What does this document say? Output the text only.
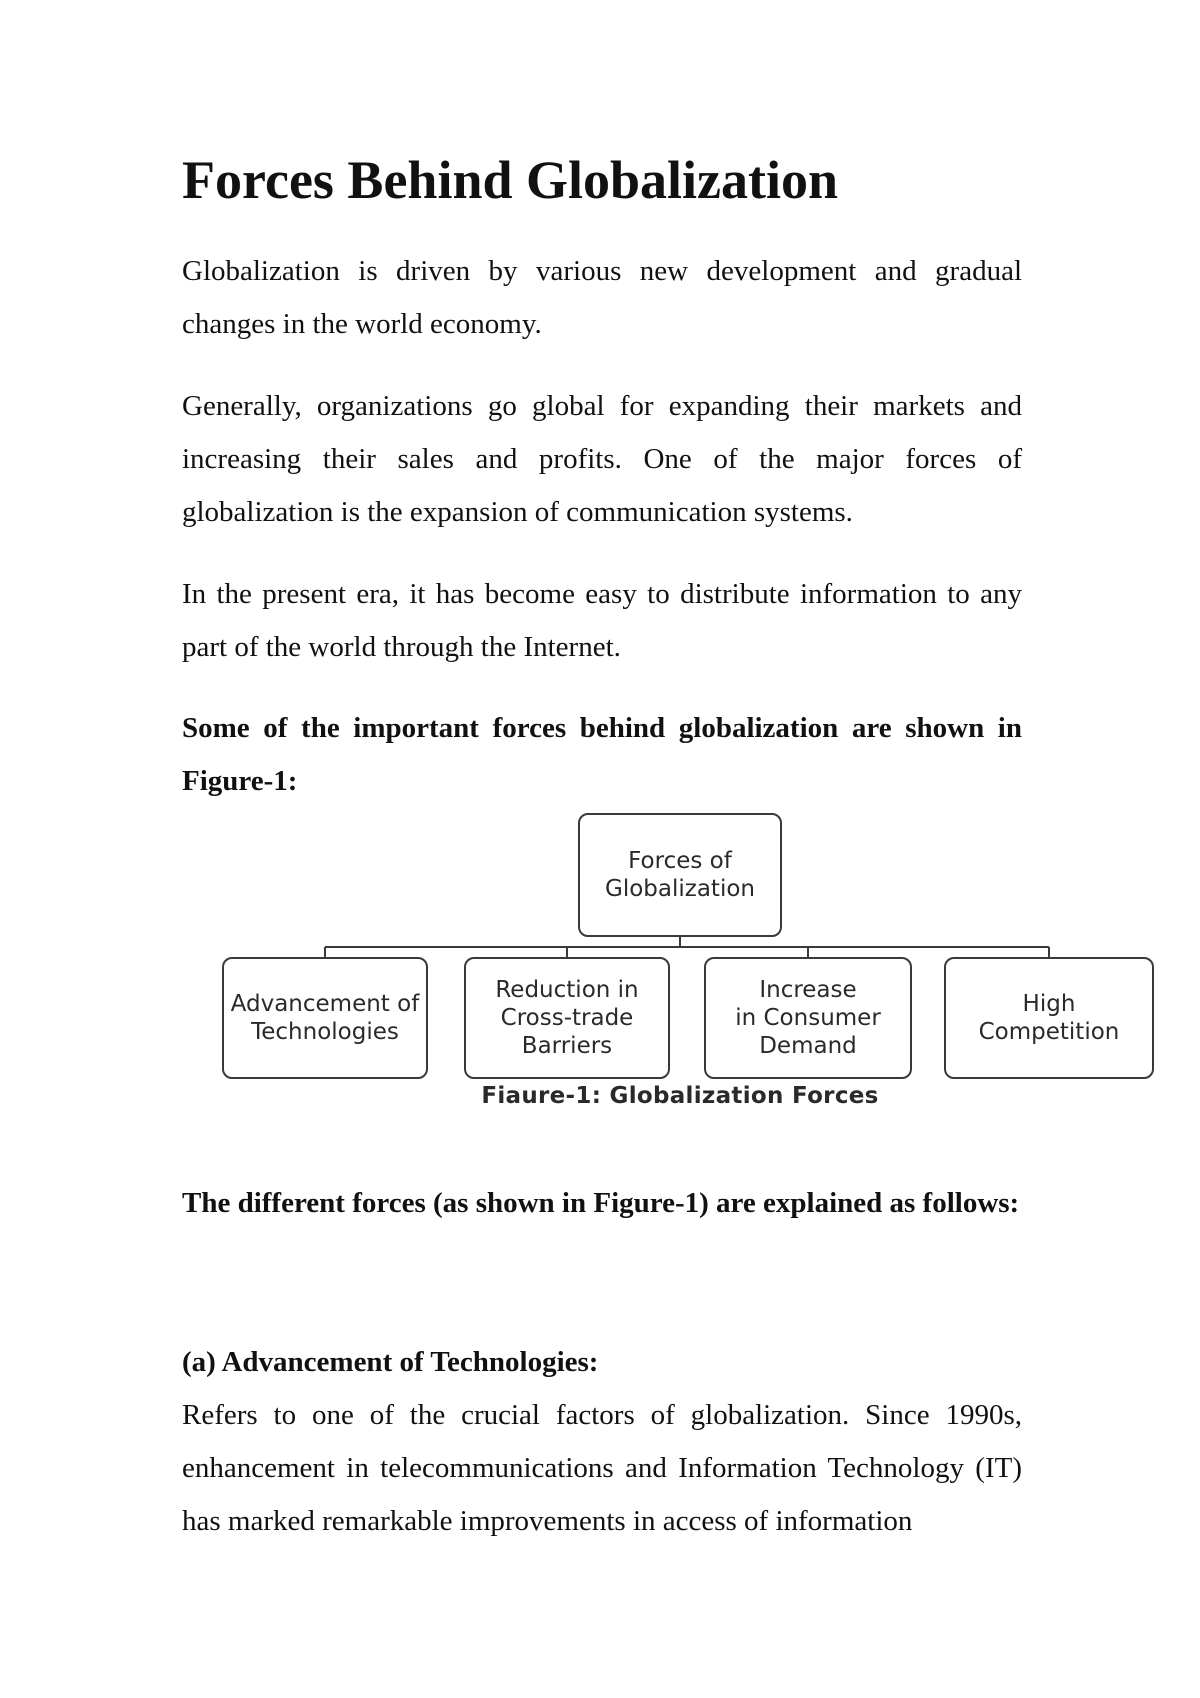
Forces Behind Globalization

Globalization is driven by various new development and gradual changes in the world economy.

Generally, organizations go global for expanding their markets and increasing their sales and profits. One of the major forces of globalization is the expansion of communication systems.

In the present era, it has become easy to distribute information to any part of the world through the Internet.

Some of the important forces behind globalization are shown in Figure-1:

Forces of
Globalization
Advancement of
Technologies
Reduction in
Cross-trade
Barriers
Increase
in Consumer
Demand
High
Competition
Fiaure-1: Globalization Forces

The different forces (as shown in Figure-1) are explained as follows:

(a) Advancement of Technologies:

Refers to one of the crucial factors of globalization. Since 1990s, enhancement in telecommunications and Information Technology (IT) has marked remarkable improvements in access of information
